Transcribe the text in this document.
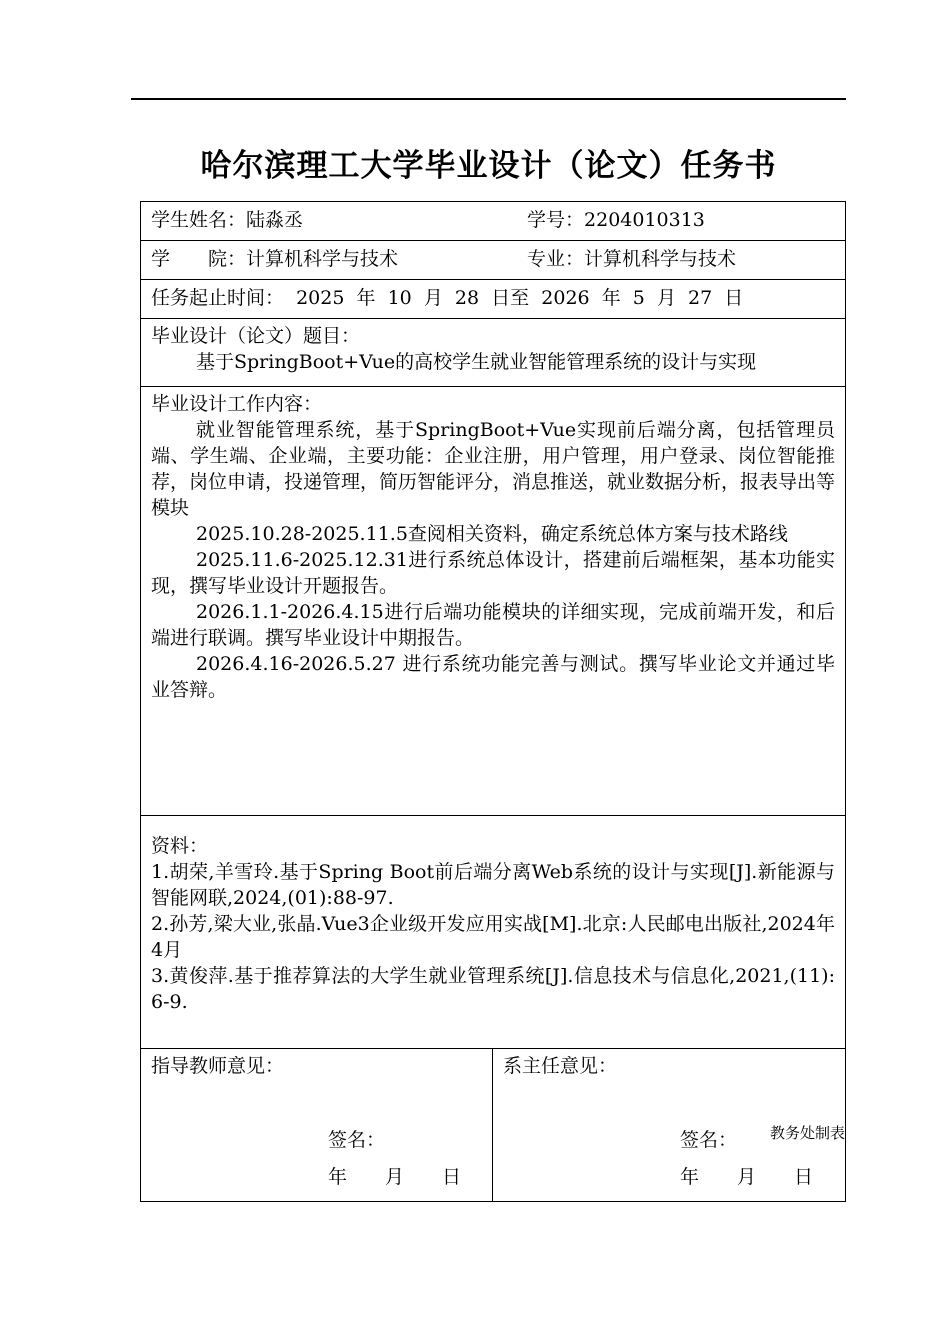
哈尔滨理工大学毕业设计（论文）任务书
学生姓名：陆淼丞	学号：2204010313
学　　院：计算机科学与技术	专业：计算机科学与技术
任务起止时间：  2025  年  10  月  28  日至  2026  年  5  月  27  日

毕业设计（论文）题目：

基于SpringBoot+Vue的高校学生就业智能管理系统的设计与实现

毕业设计工作内容：

就业智能管理系统，基于SpringBoot+Vue实现前后端分离，包括管理员端、学生端、企业端，主要功能：企业注册，用户管理，用户登录、岗位智能推荐，岗位申请，投递管理，简历智能评分，消息推送，就业数据分析，报表导出等模块

2025.10.28-2025.11.5查阅相关资料，确定系统总体方案与技术路线

2025.11.6-2025.12.31进行系统总体设计，搭建前后端框架，基本功能实现，撰写毕业设计开题报告。

2026.1.1-2026.4.15进行后端功能模块的详细实现，完成前端开发，和后端进行联调。撰写毕业设计中期报告。

2026.4.16-2026.5.27 进行系统功能完善与测试。撰写毕业论文并通过毕业答辩。

资料：

1.胡荣,羊雪玲.基于Spring Boot前后端分离Web系统的设计与实现[J].新能源与智能网联,2024,(01):88-97.

2.孙芳,梁大业,张晶.Vue3企业级开发应用实战[M].北京:人民邮电出版社,2024年4月

3.黄俊萍.基于推荐算法的大学生就业管理系统[J].信息技术与信息化,2021,(11): 6-9.

指导教师意见：
签名：
年　　月　　日
系主任意见：
签名：
年　　月　　日
教务处制表
